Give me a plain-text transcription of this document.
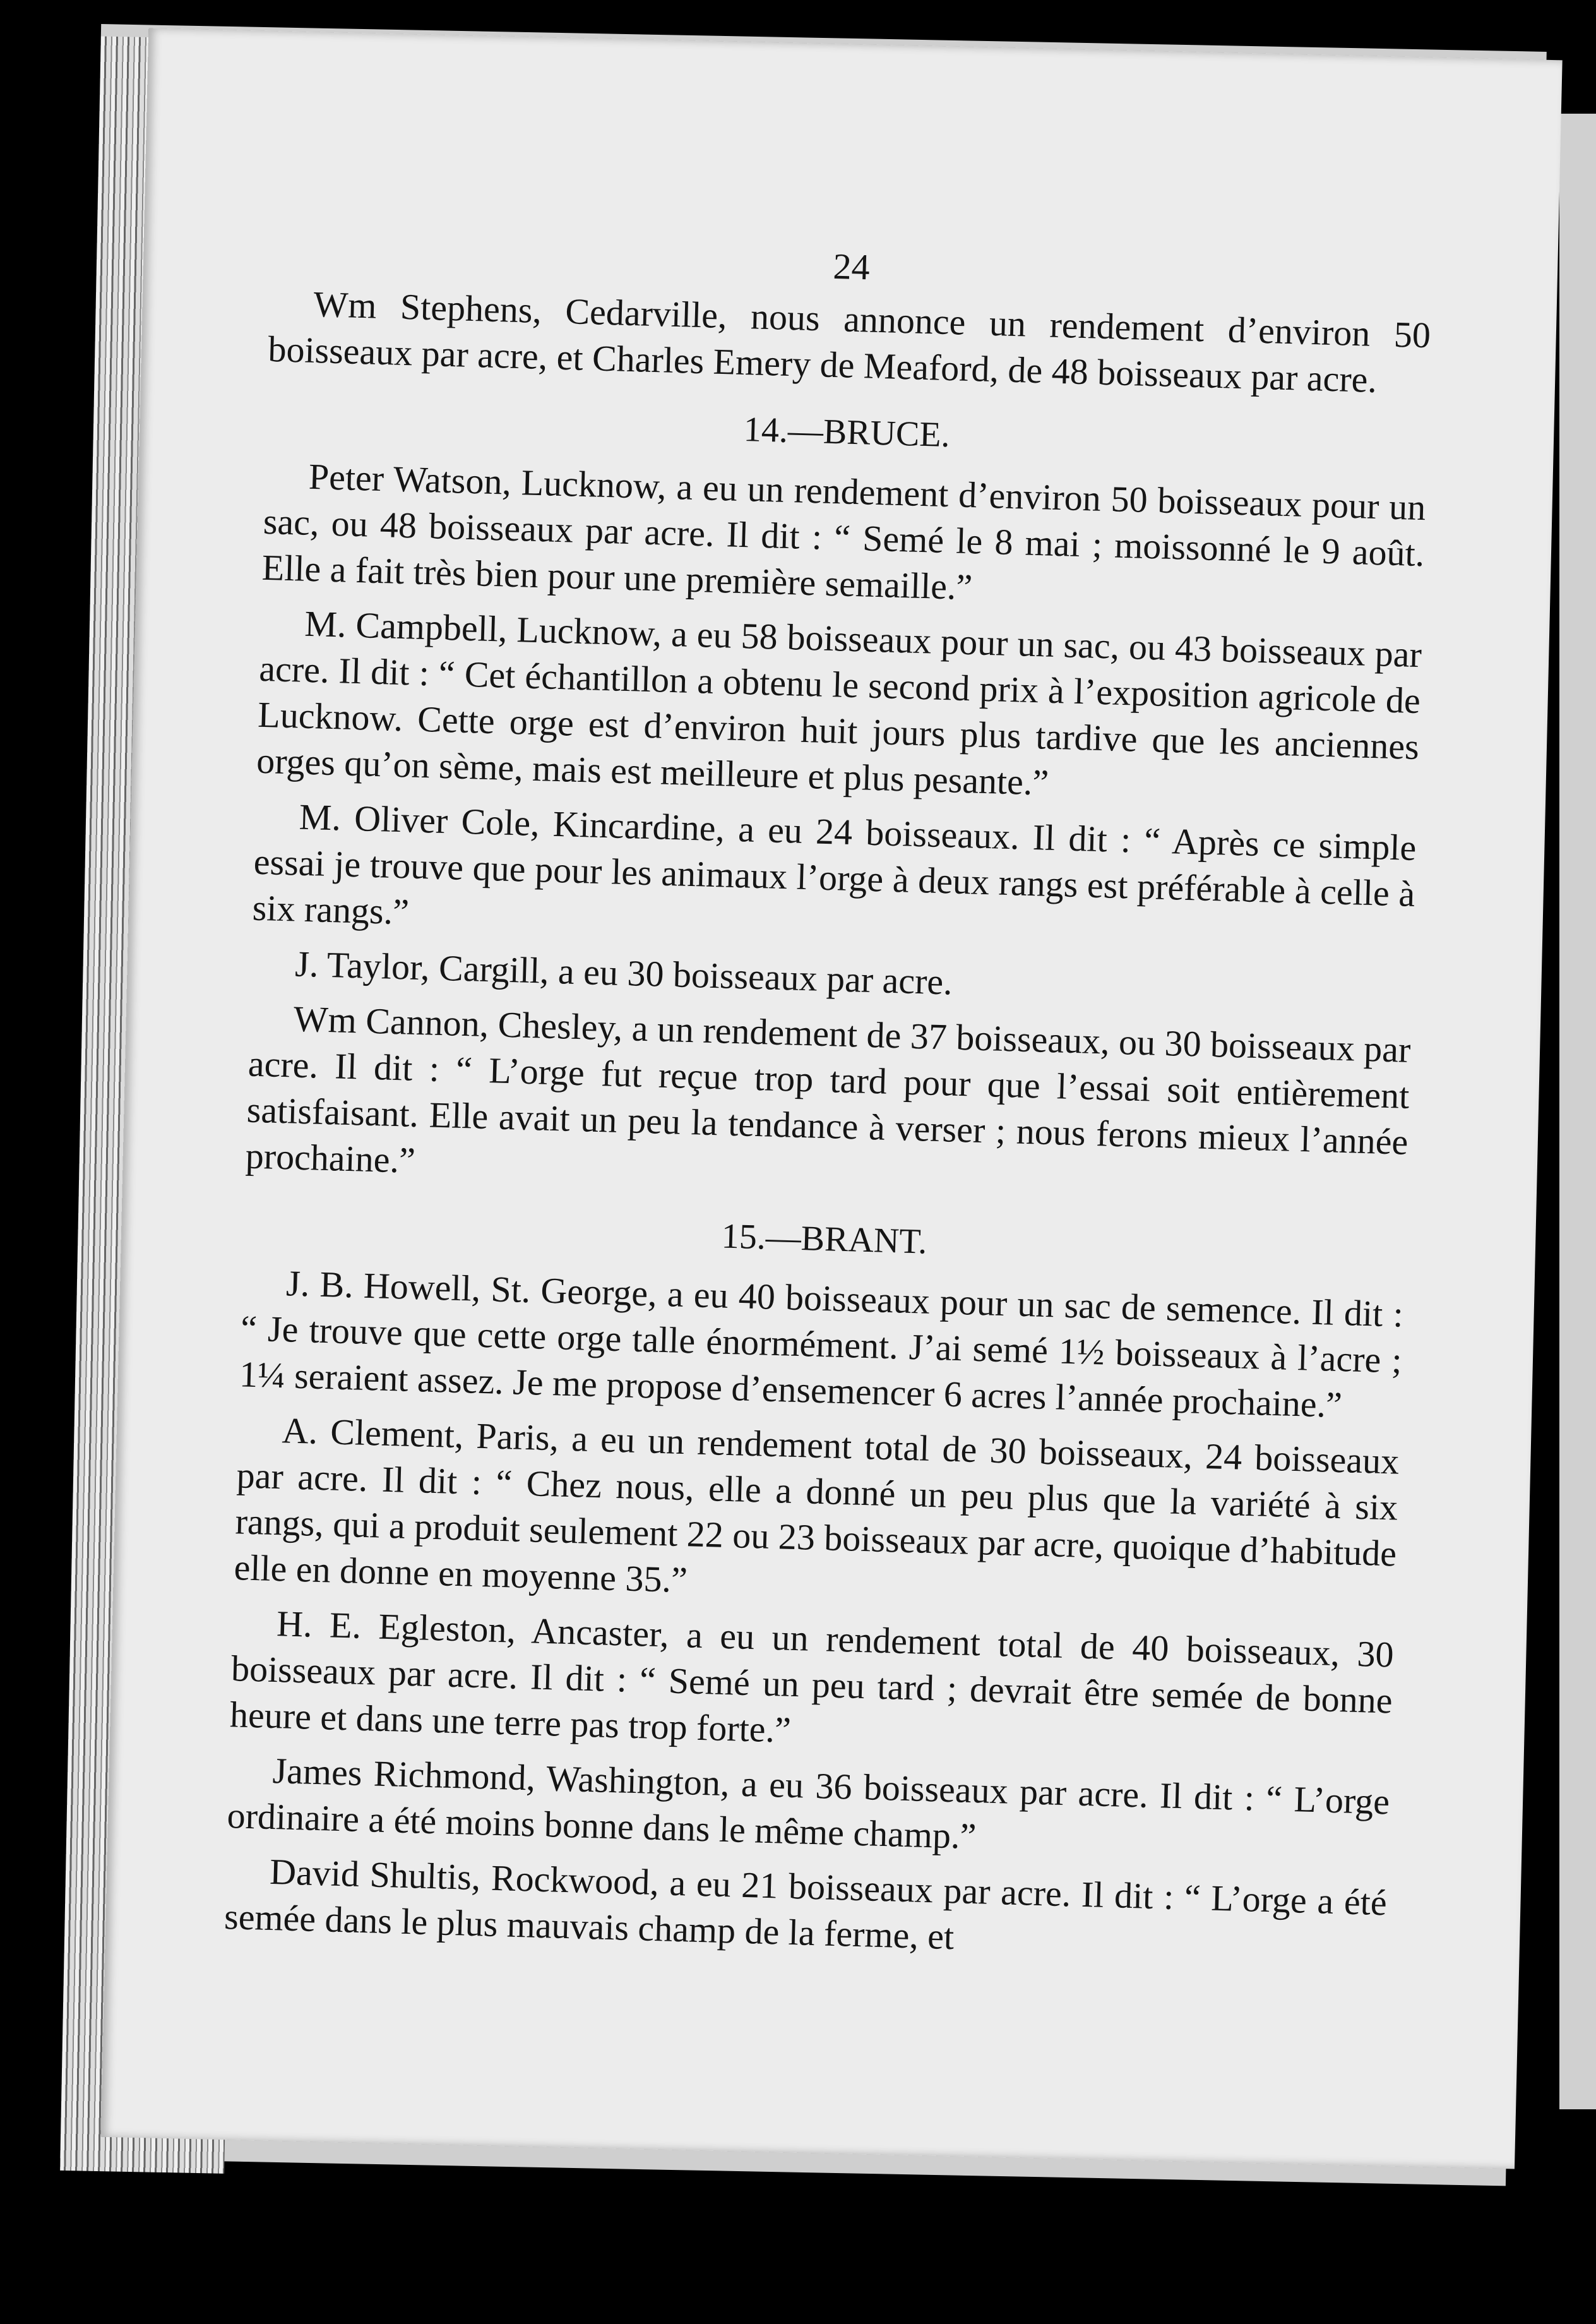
24

Wm Stephens, Cedarville, nous annonce un rendement d’environ 50 boisseaux par acre, et Charles Emery de Meaford, de 48 boisseaux par acre.

14.—BRUCE.

Peter Watson, Lucknow, a eu un rendement d’environ 50 boisseaux pour un sac, ou 48 boisseaux par acre. Il dit : “ Semé le 8 mai ; moissonné le 9 août. Elle a fait très bien pour une première semaille.”

M. Campbell, Lucknow, a eu 58 boisseaux pour un sac, ou 43 boisseaux par acre. Il dit : “ Cet échantillon a obtenu le second prix à l’exposition agricole de Lucknow. Cette orge est d’environ huit jours plus tardive que les anciennes orges qu’on sème, mais est meilleure et plus pesante.”

M. Oliver Cole, Kincardine, a eu 24 boisseaux. Il dit : “ Après ce simple essai je trouve que pour les animaux l’orge à deux rangs est préférable à celle à six rangs.”

J. Taylor, Cargill, a eu 30 boisseaux par acre.

Wm Cannon, Chesley, a un rendement de 37 boisseaux, ou 30 boisseaux par acre. Il dit : “ L’orge fut reçue trop tard pour que l’essai soit entièrement satisfaisant. Elle avait un peu la tendance à verser ; nous ferons mieux l’année prochaine.”

15.—BRANT.

J. B. Howell, St. George, a eu 40 boisseaux pour un sac de semence. Il dit : “ Je trouve que cette orge talle énormément. J’ai semé 1½ boisseaux à l’acre ; 1¼ seraient assez. Je me propose d’ensemencer 6 acres l’année prochaine.”

A. Clement, Paris, a eu un rendement total de 30 boisseaux, 24 boisseaux par acre. Il dit : “ Chez nous, elle a donné un peu plus que la variété à six rangs, qui a produit seulement 22 ou 23 boisseaux par acre, quoique d’habitude elle en donne en moyenne 35.”

H. E. Egleston, Ancaster, a eu un rendement total de 40 boisseaux, 30 boisseaux par acre. Il dit : “ Semé un peu tard ; devrait être semée de bonne heure et dans une terre pas trop forte.”

James Richmond, Washington, a eu 36 boisseaux par acre. Il dit : “ L’orge ordinaire a été moins bonne dans le même champ.”

David Shultis, Rockwood, a eu 21 boisseaux par acre. Il dit : “ L’orge a été semée dans le plus mauvais champ de la ferme, et
